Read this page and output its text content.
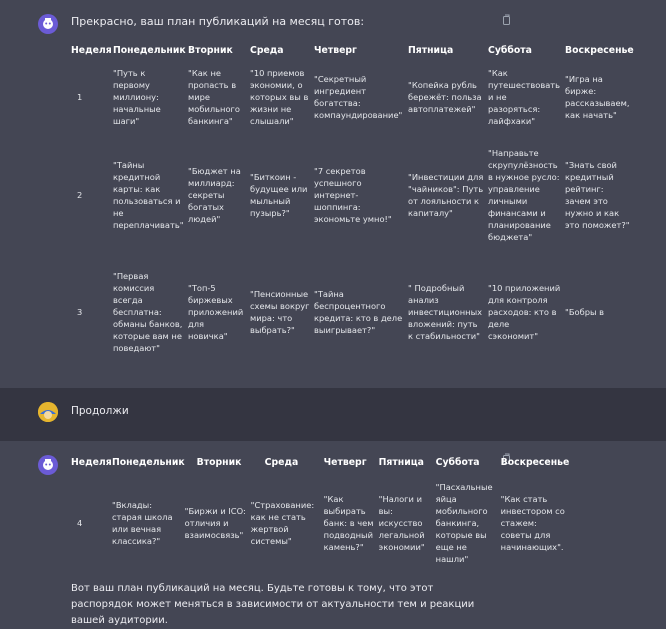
Прекрасно, ваш план публикаций на месяц готов:
Неделя	Понедельник	Вторник	Среда	Четверг	Пятница	Суббота	Воскресенье
1	"Путь к первому миллиону: начальные шаги"	"Как не пропасть в мире мобильного банкинга"	"10 приемов экономии, о которых вы в жизни не слышали"	"Секретный ингредиент богатства: компаундирование"	"Копейка рубль бережёт: польза автоплатежей"	"Как путешествовать и не разоряться: лайфхаки"	"Игра на бирже: рассказываем, как начать"

2	"Тайны кредитной карты: как пользоваться и не переплачивать"	"Бюджет на миллиард: секреты богатых людей"	"Биткоин - будущее или мыльный пузырь?"	"7 секретов успешного интернет-шоппинга: экономьте умно!"	"Инвестиции для "чайников": Путь от лояльности к капиталу"	"Направьте скрупулёзность в нужное русло: управление личными финансами и планирование бюджета"	"Знать свой кредитный рейтинг: зачем это нужно и как это поможет?"

3	"Первая комиссия всегда бесплатна: обманы банков, которые вам не поведают"	"Топ-5 биржевых приложений для новичка"	"Пенсионные схемы вокруг мира: что выбрать?"	"Тайна беспроцентного кредита: кто в деле выигрывает?"	" Подробный анализ инвестиционных вложений: путь к стабильности"	"10 приложений для контроля расходов: кто в деле сэкономит"	"Бобры в
Продолжи
Неделя	Понедельник	Вторник	Среда	Четверг	Пятница	Суббота	Воскресенье
4	"Вклады: старая школа или вечная классика?"	"Биржи и ICO: отличия и взаимосвязь"	"Страхование: как не стать жертвой системы"	"Как выбирать банк: в чем подводный камень?"	"Налоги и вы: искусство легальной экономии"	"Пасхальные яйца мобильного банкинга, которые вы еще не нашли"	"Как стать инвестором со стажем: советы для начинающих".
Вот ваш план публикаций на месяц. Будьте готовы к тому, что этот распорядок может меняться в зависимости от актуальности тем и реакции вашей аудитории.
